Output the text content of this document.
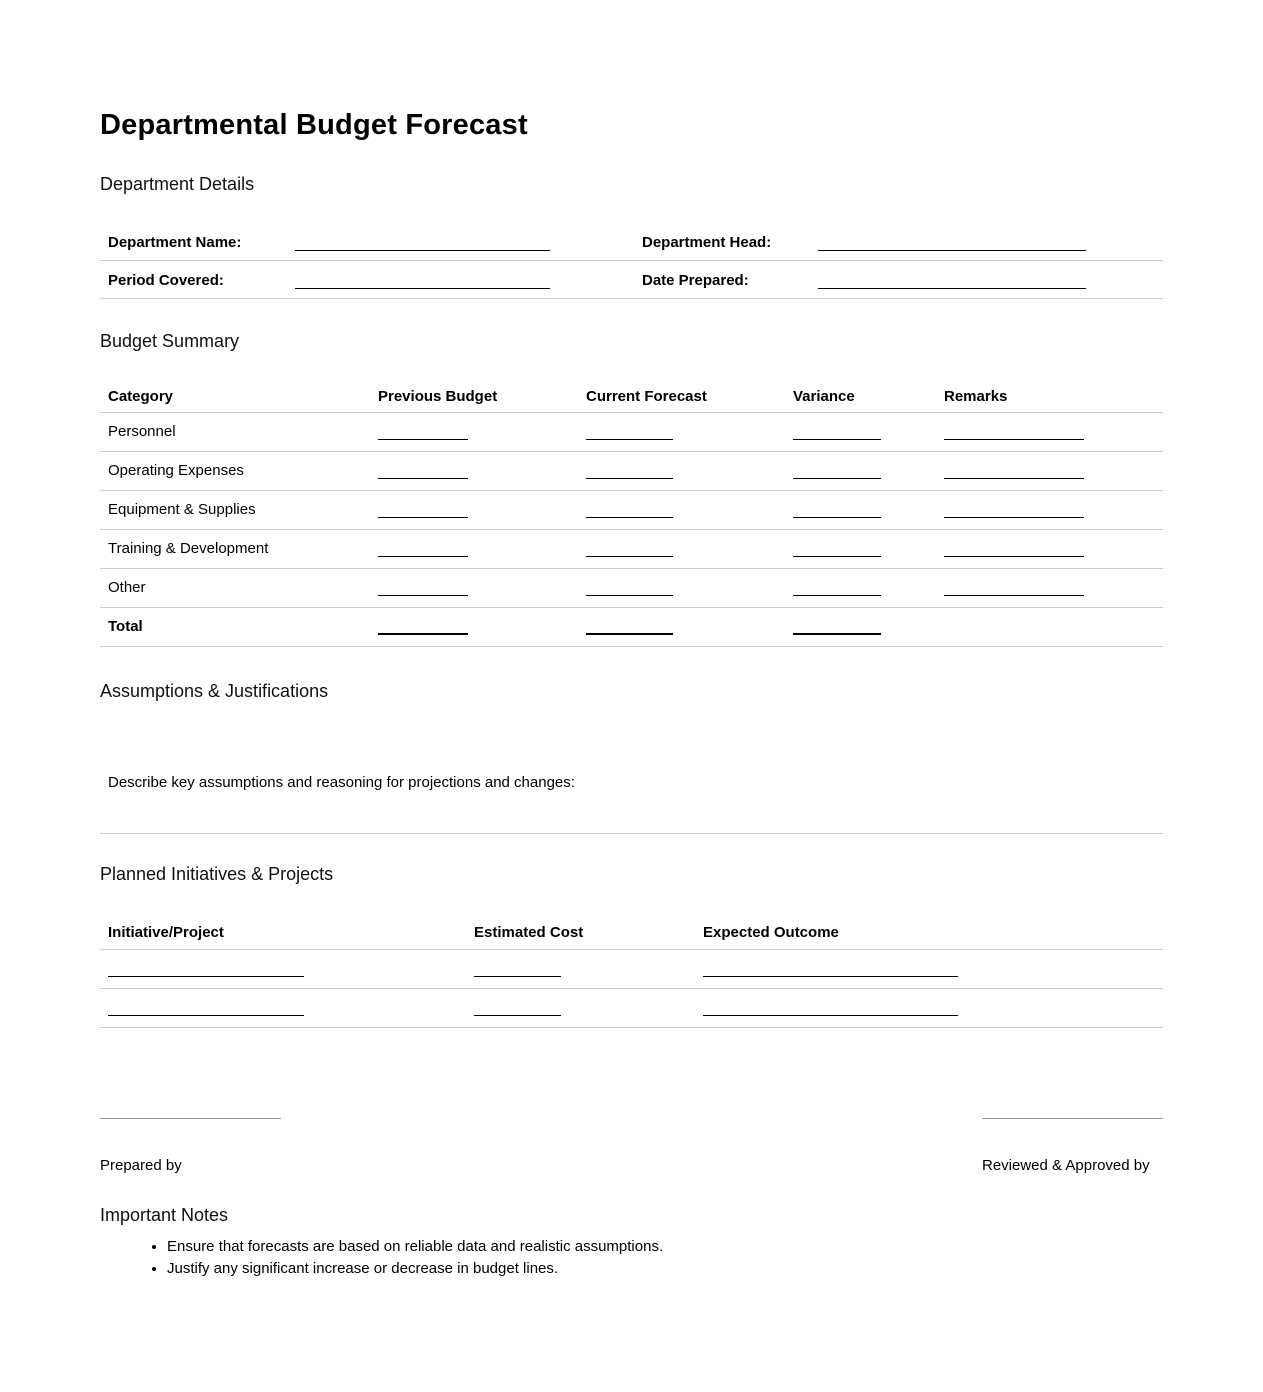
Departmental Budget Forecast
Department Details
Department Name:	Department Head:
Period Covered:	Date Prepared:
Budget Summary
Category	Previous Budget	Current Forecast	Variance	Remarks
Personnel
Operating Expenses
Equipment & Supplies
Training & Development
Other
Total
Assumptions & Justifications
Describe key assumptions and reasoning for projections and changes:
Planned Initiatives & Projects
Initiative/Project	Estimated Cost	Expected Outcome
Prepared by	Reviewed & Approved by
Important Notes
• Ensure that forecasts are based on reliable data and realistic assumptions.
• Justify any significant increase or decrease in budget lines.
